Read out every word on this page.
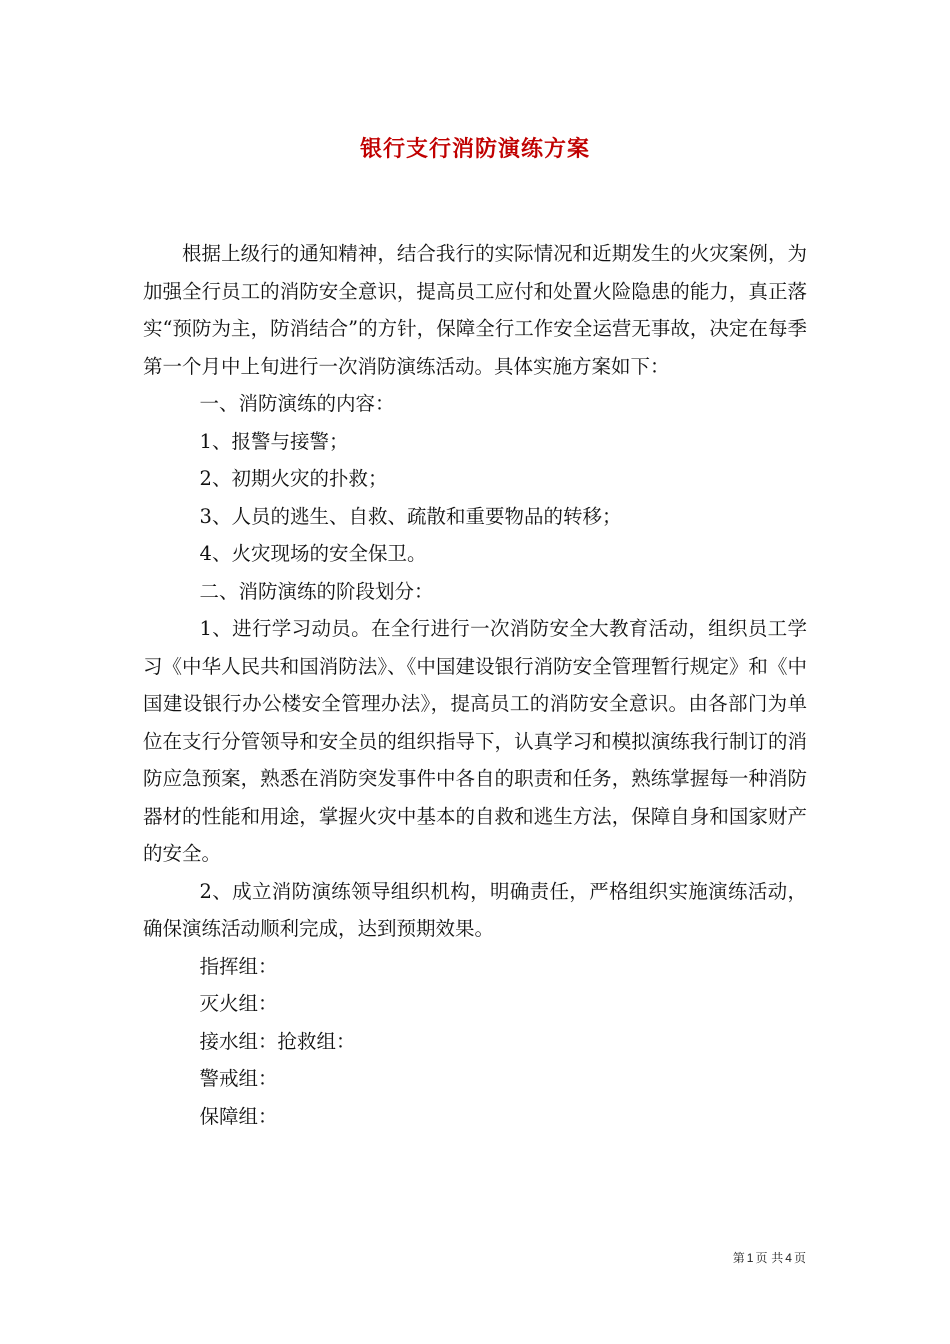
银行支行消防演练方案

根据上级行的通知精神，结合我行的实际情况和近期发生的火灾案例，为加强全行员工的消防安全意识，提高员工应付和处置火险隐患的能力，真正落实“预防为主，防消结合”的方针，保障全行工作安全运营无事故，决定在每季第一个月中上旬进行一次消防演练活动。具体实施方案如下：

一、消防演练的内容：

1、报警与接警；

2、初期火灾的扑救；

3、人员的逃生、自救、疏散和重要物品的转移；

4、火灾现场的安全保卫。

二、消防演练的阶段划分：

1、进行学习动员。在全行进行一次消防安全大教育活动，组织员工学习《中华人民共和国消防法》、《中国建设银行消防安全管理暂行规定》和《中国建设银行办公楼安全管理办法》，提高员工的消防安全意识。由各部门为单位在支行分管领导和安全员的组织指导下，认真学习和模拟演练我行制订的消防应急预案，熟悉在消防突发事件中各自的职责和任务，熟练掌握每一种消防器材的性能和用途，掌握火灾中基本的自救和逃生方法，保障自身和国家财产的安全。

2、成立消防演练领导组织机构，明确责任，严格组织实施演练活动，确保演练活动顺利完成，达到预期效果。

指挥组：

灭火组：

接水组：抢救组：

警戒组：

保障组：

第 1 页 共 4 页
